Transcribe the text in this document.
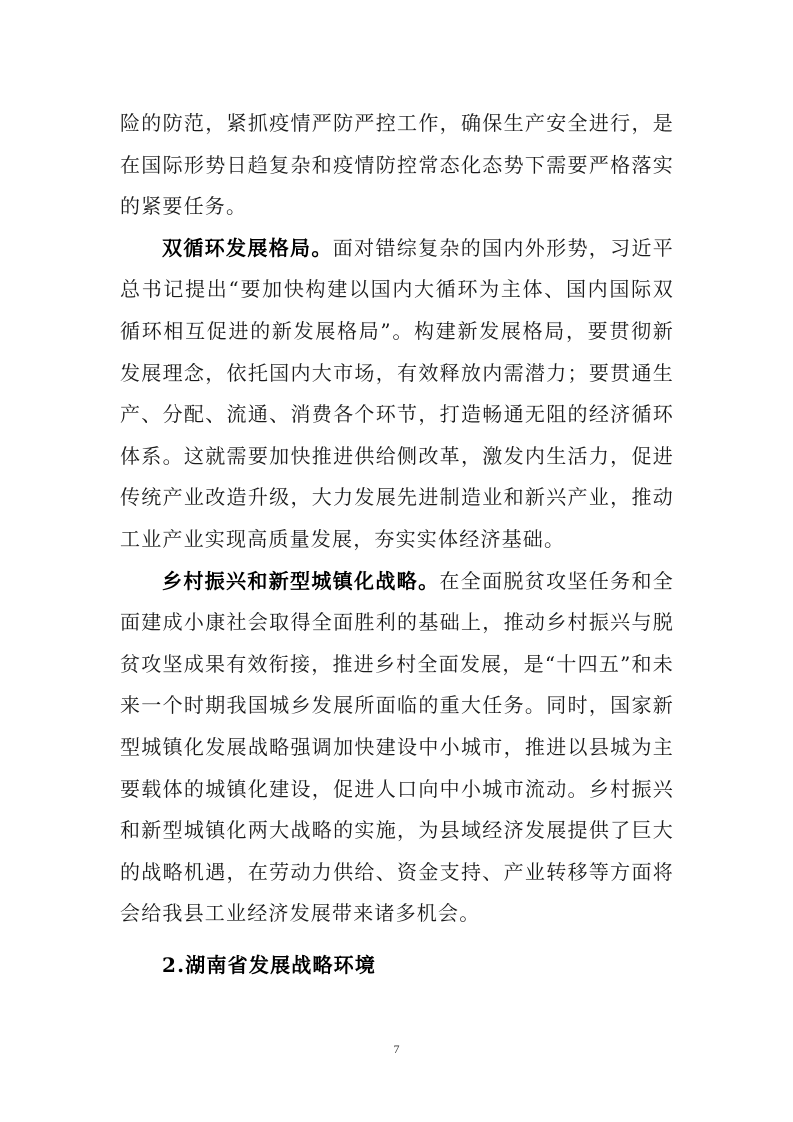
险的防范，紧抓疫情严防严控工作，确保生产安全进行，是在国际形势日趋复杂和疫情防控常态化态势下需要严格落实的紧要任务。

双循环发展格局。面对错综复杂的国内外形势，习近平总书记提出“要加快构建以国内大循环为主体、国内国际双循环相互促进的新发展格局”。构建新发展格局，要贯彻新发展理念，依托国内大市场，有效释放内需潜力；要贯通生产、分配、流通、消费各个环节，打造畅通无阻的经济循环体系。这就需要加快推进供给侧改革，激发内生活力，促进传统产业改造升级，大力发展先进制造业和新兴产业，推动工业产业实现高质量发展，夯实实体经济基础。

乡村振兴和新型城镇化战略。在全面脱贫攻坚任务和全面建成小康社会取得全面胜利的基础上，推动乡村振兴与脱贫攻坚成果有效衔接，推进乡村全面发展，是“十四五”和未来一个时期我国城乡发展所面临的重大任务。同时，国家新型城镇化发展战略强调加快建设中小城市，推进以县城为主要载体的城镇化建设，促进人口向中小城市流动。乡村振兴和新型城镇化两大战略的实施，为县域经济发展提供了巨大的战略机遇，在劳动力供给、资金支持、产业转移等方面将会给我县工业经济发展带来诸多机会。

2.湖南省发展战略环境

7
